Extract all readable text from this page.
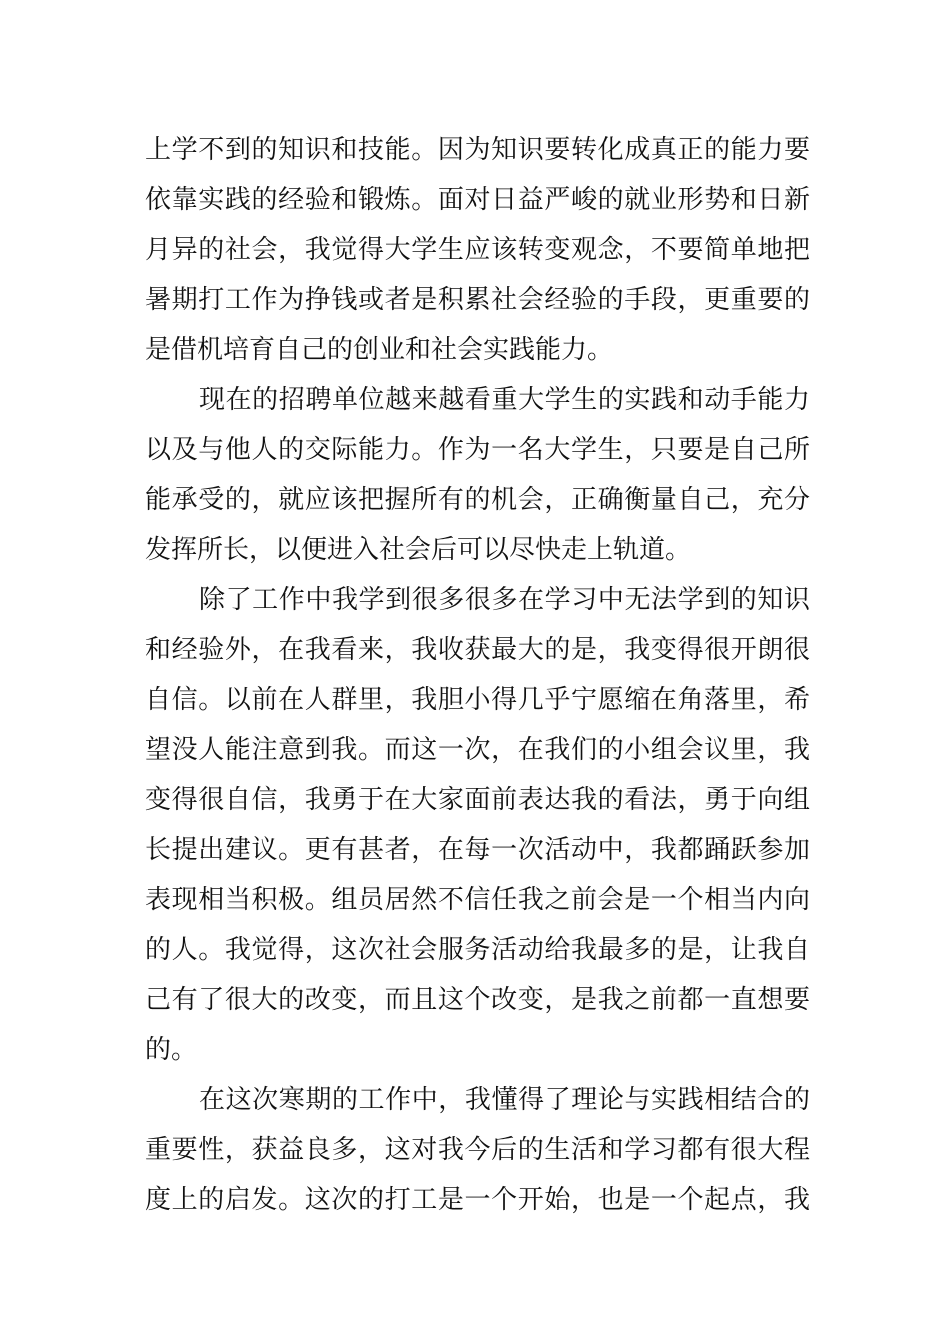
上学不到的知识和技能。因为知识要转化成真正的能力要
依靠实践的经验和锻炼。面对日益严峻的就业形势和日新
月异的社会，我觉得大学生应该转变观念，不要简单地把
暑期打工作为挣钱或者是积累社会经验的手段，更重要的
是借机培育自己的创业和社会实践能力。
现在的招聘单位越来越看重大学生的实践和动手能力
以及与他人的交际能力。作为一名大学生，只要是自己所
能承受的，就应该把握所有的机会，正确衡量自己，充分
发挥所长，以便进入社会后可以尽快走上轨道。
除了工作中我学到很多很多在学习中无法学到的知识
和经验外，在我看来，我收获最大的是，我变得很开朗很
自信。以前在人群里，我胆小得几乎宁愿缩在角落里，希
望没人能注意到我。而这一次，在我们的小组会议里，我
变得很自信，我勇于在大家面前表达我的看法，勇于向组
长提出建议。更有甚者，在每一次活动中，我都踊跃参加
表现相当积极。组员居然不信任我之前会是一个相当内向
的人。我觉得，这次社会服务活动给我最多的是，让我自
己有了很大的改变，而且这个改变，是我之前都一直想要
的。
在这次寒期的工作中，我懂得了理论与实践相结合的
重要性，获益良多，这对我今后的生活和学习都有很大程
度上的启发。这次的打工是一个开始，也是一个起点，我
